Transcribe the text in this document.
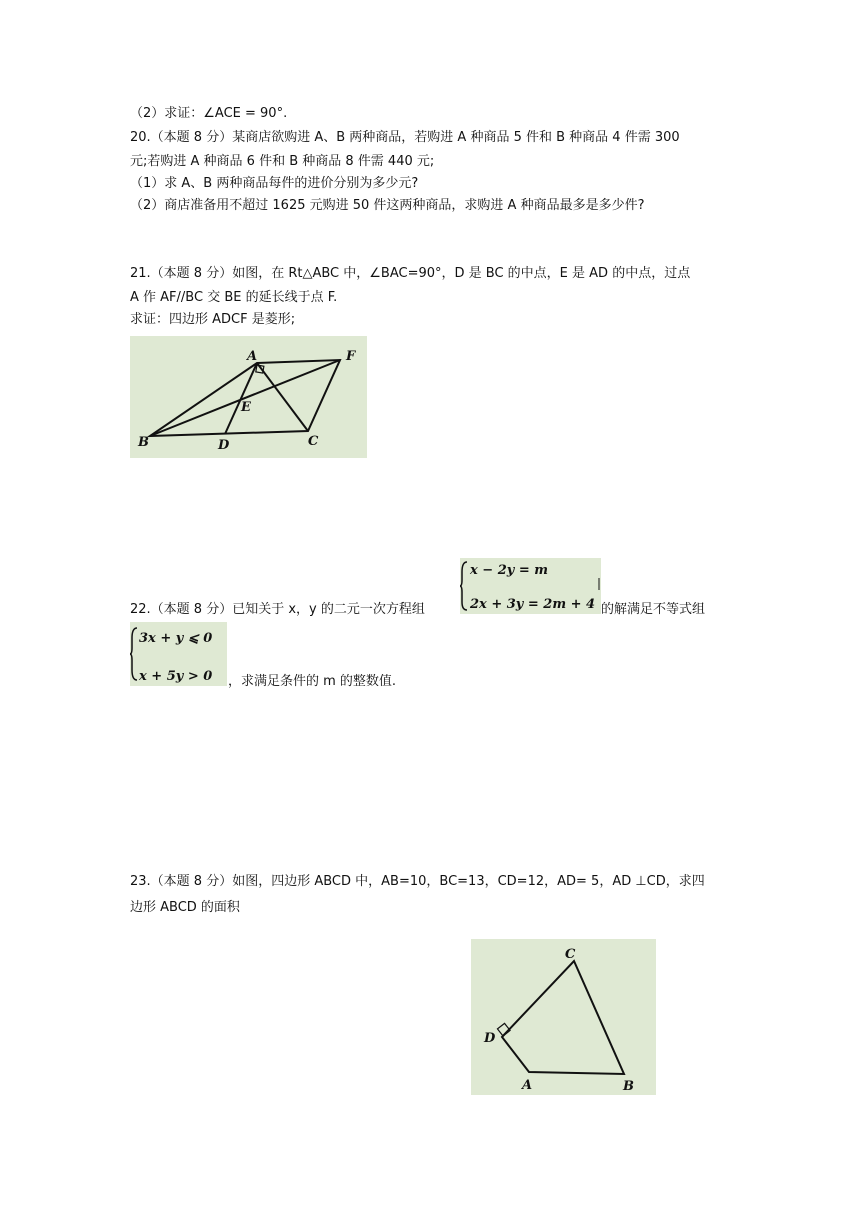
（2）求证：∠ACE = 90°.
20.（本题 8 分）某商店欲购进 A、B 两种商品，若购进 A 种商品 5 件和 B 种商品 4 件需 300
元;若购进 A 种商品 6 件和 B 种商品 8 件需 440 元;
（1）求 A、B 两种商品每件的进价分别为多少元?
（2）商店准备用不超过 1625 元购进 50 件这两种商品，求购进 A 种商品最多是多少件?
21.（本题 8 分）如图，在 Rt△ABC 中，∠BAC=90°，D 是 BC 的中点，E 是 AD 的中点，过点
A 作 AF//BC 交 BE 的延长线于点 F.
求证：四边形 ADCF 是菱形;
A	F
E
B	D	C
22.（本题 8 分）已知关于 x，y 的二元一次方程组
x − 2y = m
2x + 3y = 2m + 4 的解满足不等式组
3x + y ⩽ 0
x + 5y > 0 ，求满足条件的 m 的整数值.
23.（本题 8 分）如图，四边形 ABCD 中，AB=10，BC=13，CD=12，AD= 5，AD ⊥CD，求四
边形 ABCD 的面积
C
D
A	B
